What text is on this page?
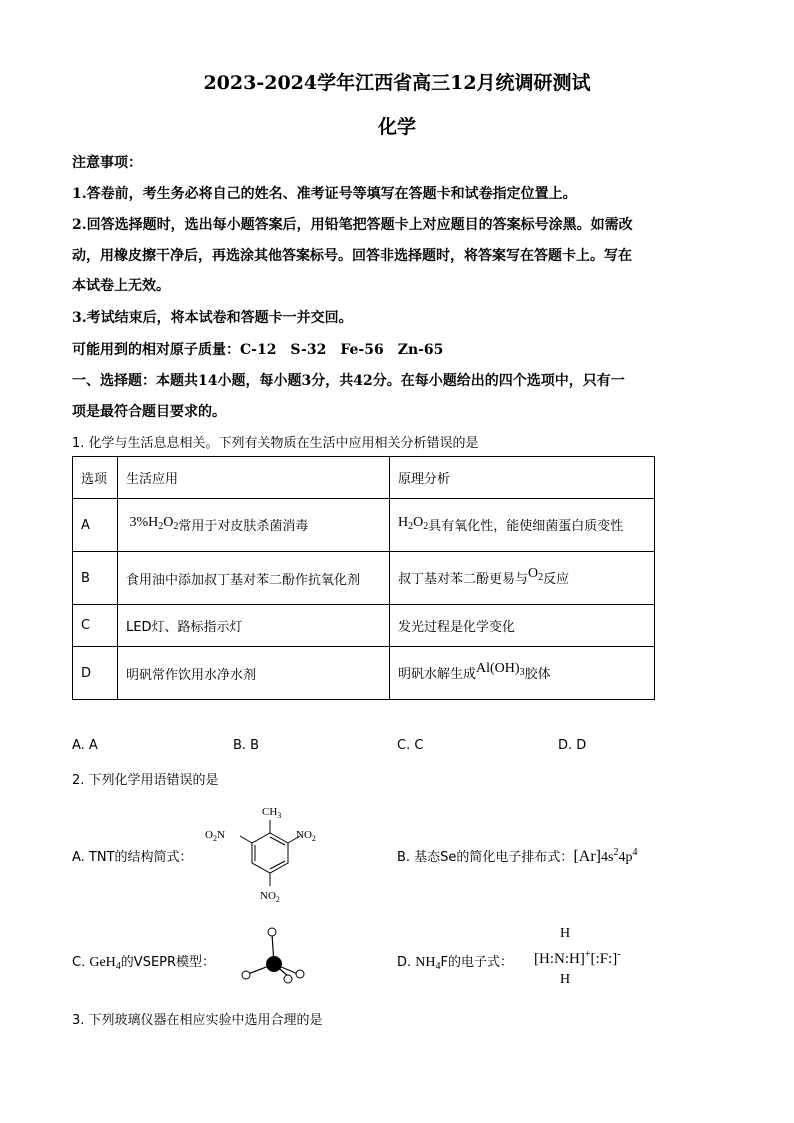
2023-2024学年江西省高三12月统调研测试
化学
注意事项：
1.答卷前，考生务必将自己的姓名、准考证号等填写在答题卡和试卷指定位置上。
2.回答选择题时，选出每小题答案后，用铅笔把答题卡上对应题目的答案标号涂黑。如需改
动，用橡皮擦干净后，再选涂其他答案标号。回答非选择题时，将答案写在答题卡上。写在
本试卷上无效。
3.考试结束后，将本试卷和答题卡一并交回。
可能用到的相对原子质量：C-12　S-32　Fe-56　Zn-65
一、选择题：本题共14小题，每小题3分，共42分。在每小题给出的四个选项中，只有一
项是最符合题目要求的。
1. 化学与生活息息相关。下列有关物质在生活中应用相关分析错误的是
选项	生活应用	原理分析
A	$3\%H_2O_2$常用于对皮肤杀菌消毒	$H_2O_2$具有氧化性，能使细菌蛋白质变性
B	食用油中添加叔丁基对苯二酚作抗氧化剂	叔丁基对苯二酚更易与$O_2$反应
C	LED灯、路标指示灯	发光过程是化学变化
D	明矾常作饮用水净水剂	明矾水解生成$Al(OH)_3$胶体
A. A	B. B	C. C	D. D
2. 下列化学用语错误的是
A. TNT的结构简式：
$CH_3$
$O_2N$	$NO_2$
$NO_2$
B. 基态Se的简化电子排布式：$[Ar]4s^24p^4$
C. GeH$_4$的VSEPR模型：	D. $NH_4F$的电子式：
H
H
[H:N:H]+[:F:]-
3. 下列玻璃仪器在相应实验中选用合理的是
